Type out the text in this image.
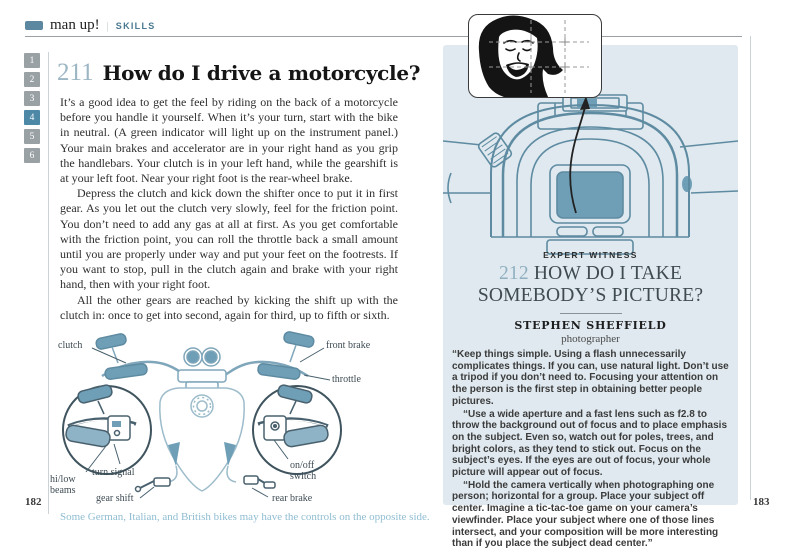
man up! | SKILLS
1
2
3
4
5
6
211 How do I drive a motorcycle?

It’s a good idea to get the feel by riding on the back of a motorcycle before you handle it yourself. When it’s your turn, start with the bike in neutral. (A green indicator will light up on the instrument panel.) Your main brakes and accelerator are in your right hand as you grip the handlebars. Your clutch is in your left hand, while the gearshift is at your left foot. Near your right foot is the rear-wheel brake.

Depress the clutch and kick down the shifter once to put it in first gear. As you let out the clutch very slowly, feel for the friction point. You don’t need to add any gas at all at first. As you get comfortable with the friction point, you can roll the throttle back a small amount until you are properly under way and put your feet on the footrests. If you want to stop, pull in the clutch again and brake with your right hand, then with your right foot.

All the other gears are reached by kicking the shift up with the clutch in: once to get into second, again for third, up to fifth or sixth.

clutch	front brake
throttle
turn signal
hi/low beams
gear shift
on/off switch
rear brake
182
Some German, Italian, and British bikes may have the controls on the opposite side.
EXPERT WITNESS
212 HOW DO I TAKE
SOMEBODY’S PICTURE?
STEPHEN SHEFFIELD
photographer

“Keep things simple. Using a flash unnecessarily complicates things. If you can, use natural light. Don’t use a tripod if you don’t need to. Focusing your attention on the person is the first step in obtaining better people pictures.

“Use a wide aperture and a fast lens such as f2.8 to throw the background out of focus and to place emphasis on the subject. Even so, watch out for poles, trees, and bright colors, as they tend to stick out. Focus on the subject’s eyes. If the eyes are out of focus, your whole picture will appear out of focus.

“Hold the camera vertically when photographing one person; horizontal for a group. Place your subject off center. Imagine a tic-tac-toe game on your camera’s viewfinder. Place your subject where one of those lines intersect, and your composition will be more interesting than if you place the subject dead center.”

183
